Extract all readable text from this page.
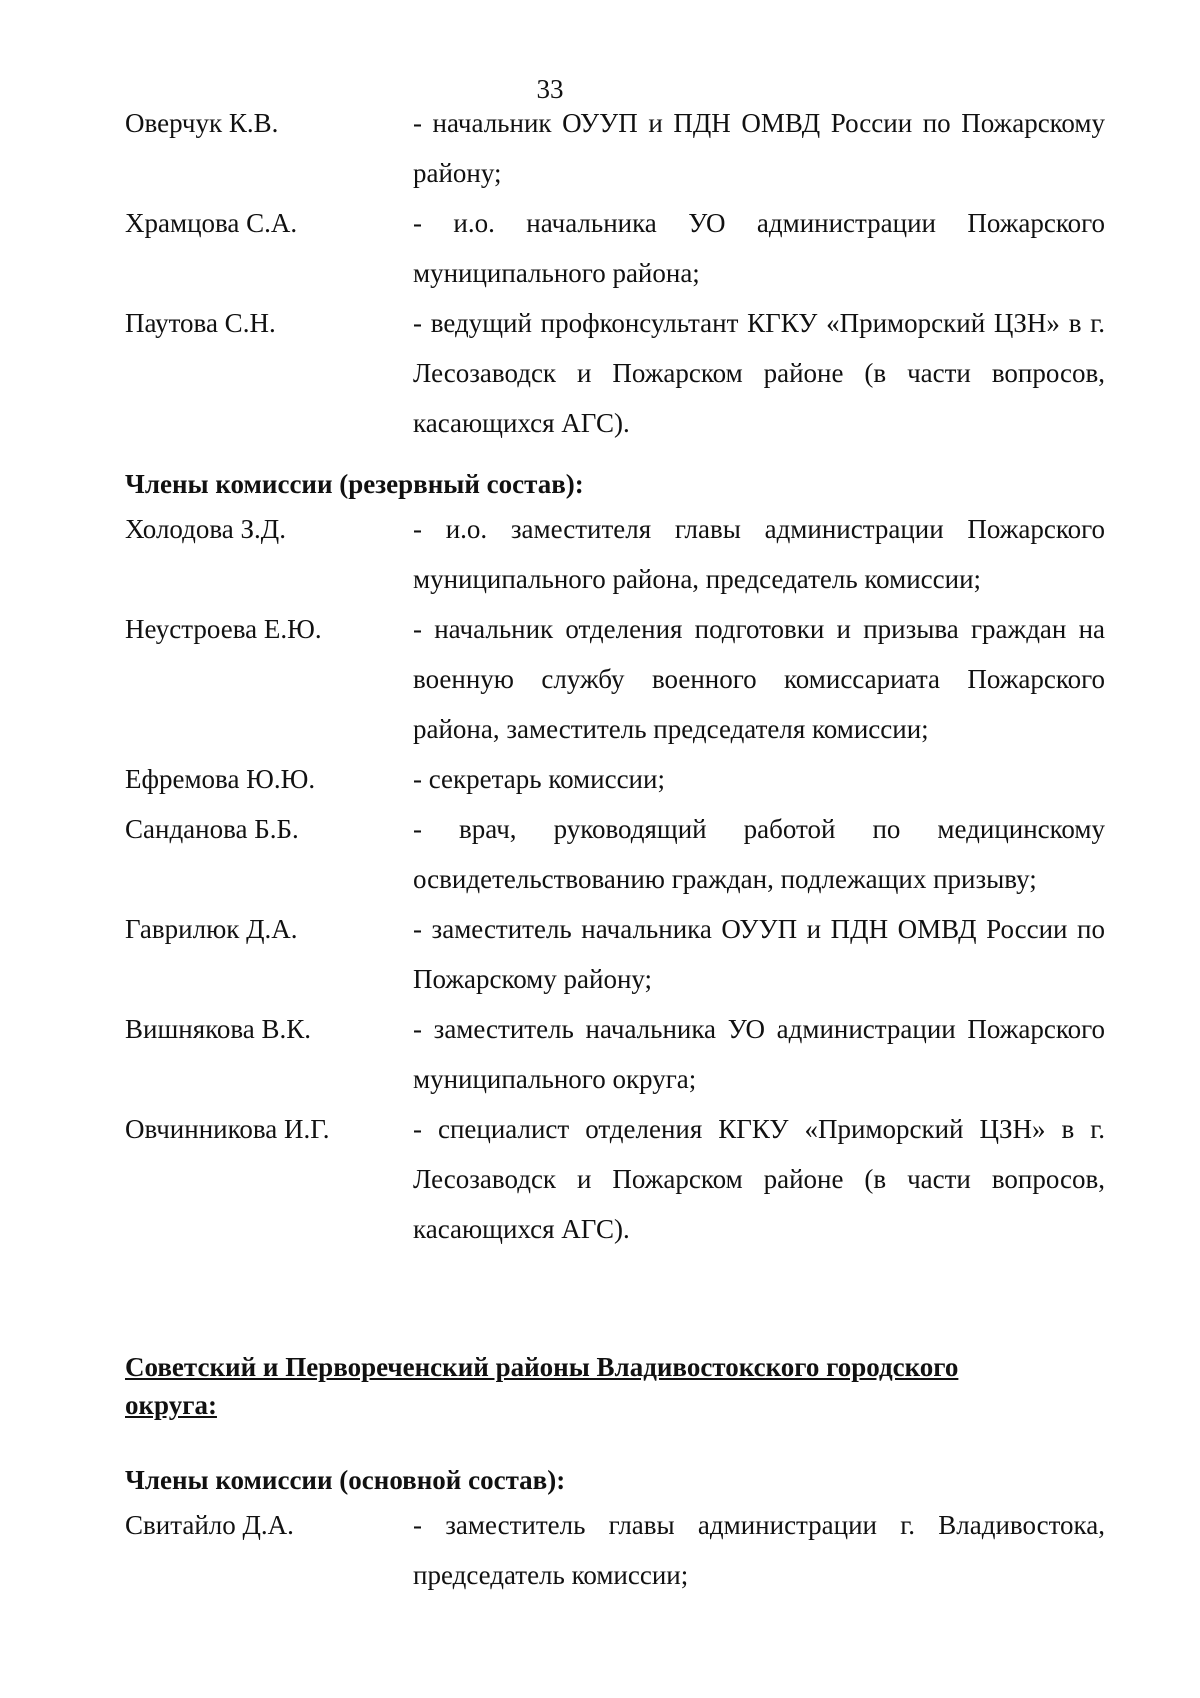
33
Оверчук К.В.	- начальник ОУУП и ПДН ОМВД России по Пожарскому району;
Храмцова С.А.	- и.о. начальника УО администрации Пожарского муниципального района;
Паутова С.Н.	- ведущий профконсультант КГКУ «Приморский ЦЗН» в г. Лесозаводск и Пожарском районе (в части вопросов, касающихся АГС).
Члены комиссии (резервный состав):
Холодова З.Д.	- и.о. заместителя главы администрации Пожарского муниципального района, председатель комиссии;
Неустроева Е.Ю.	- начальник отделения подготовки и призыва граждан на военную службу военного комиссариата Пожарского района, заместитель председателя комиссии;
Ефремова Ю.Ю.	- секретарь комиссии;
Санданова Б.Б.	- врач, руководящий работой по медицинскому освидетельствованию граждан, подлежащих призыву;
Гаврилюк Д.А.	- заместитель начальника ОУУП и ПДН ОМВД России по Пожарскому району;
Вишнякова В.К.	- заместитель начальника УО администрации Пожарского муниципального округа;
Овчинникова И.Г.	- специалист отделения КГКУ «Приморский ЦЗН» в г. Лесозаводск и Пожарском районе (в части вопросов, касающихся АГС).
Советский и Первореченский районы Владивостокского городского округа:
Члены комиссии (основной состав):
Свитайло Д.А.	- заместитель главы администрации г. Владивостока, председатель комиссии;
